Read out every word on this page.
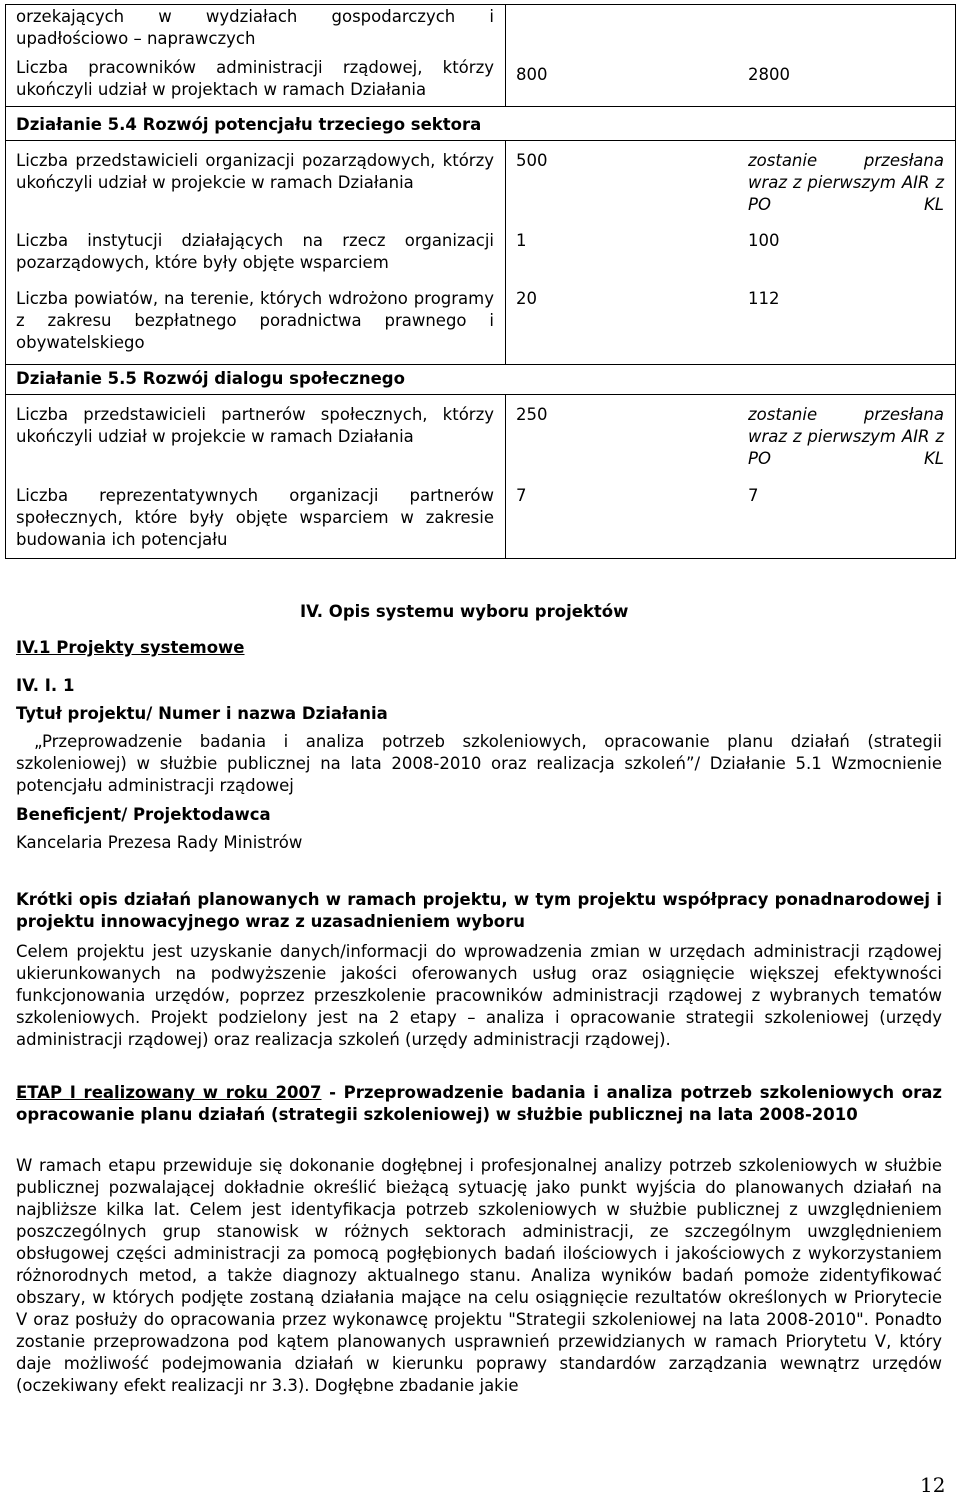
orzekających w wydziałach gospodarczych i upadłościowo – naprawczych
Liczba pracowników administracji rządowej, którzy ukończyli udział w projektach w ramach Działania
800	2800
Działanie 5.4 Rozwój potencjału trzeciego sektora
Liczba przedstawicieli organizacji pozarządowych, którzy ukończyli udział w projekcie w ramach Działania
500	zostanie przesłana wraz z pierwszym AIR z PO KL
Liczba instytucji działających na rzecz organizacji pozarządowych, które były objęte wsparciem
1	100
Liczba powiatów, na terenie, których wdrożono programy z zakresu bezpłatnego poradnictwa prawnego i obywatelskiego
20	112
Działanie 5.5 Rozwój dialogu społecznego
Liczba przedstawicieli partnerów społecznych, którzy ukończyli udział w projekcie w ramach Działania
250	zostanie przesłana wraz z pierwszym AIR z PO KL
Liczba reprezentatywnych organizacji partnerów społecznych, które były objęte wsparciem w zakresie budowania ich potencjału
7	7
IV. Opis systemu wyboru projektów
IV.1 Projekty systemowe
IV. I. 1
Tytuł projektu/ Numer i nazwa Działania
„Przeprowadzenie badania i analiza potrzeb szkoleniowych, opracowanie planu działań (strategii szkoleniowej) w służbie publicznej na lata 2008-2010 oraz realizacja szkoleń”/ Działanie 5.1 Wzmocnienie potencjału administracji rządowej
Beneficjent/ Projektodawca
Kancelaria Prezesa Rady Ministrów
Krótki opis działań planowanych w ramach projektu, w tym projektu współpracy ponadnarodowej i projektu innowacyjnego wraz z uzasadnieniem wyboru
Celem projektu jest uzyskanie danych/informacji do wprowadzenia zmian w urzędach administracji rządowej ukierunkowanych na podwyższenie jakości oferowanych usług oraz osiągnięcie większej efektywności funkcjonowania urzędów, poprzez przeszkolenie pracowników administracji rządowej z wybranych tematów szkoleniowych. Projekt podzielony jest na 2 etapy – analiza i opracowanie strategii szkoleniowej (urzędy administracji rządowej) oraz realizacja szkoleń (urzędy administracji rządowej).
ETAP I realizowany w roku 2007 - Przeprowadzenie badania i analiza potrzeb szkoleniowych oraz opracowanie planu działań (strategii szkoleniowej) w służbie publicznej na lata 2008-2010
W ramach etapu przewiduje się dokonanie dogłębnej i profesjonalnej analizy potrzeb szkoleniowych w służbie publicznej pozwalającej dokładnie określić bieżącą sytuację jako punkt wyjścia do planowanych działań na najbliższe kilka lat. Celem jest identyfikacja potrzeb szkoleniowych w służbie publicznej z uwzględnieniem poszczególnych grup stanowisk w różnych sektorach administracji, ze szczególnym uwzględnieniem obsługowej części administracji za pomocą pogłębionych badań ilościowych i jakościowych z wykorzystaniem różnorodnych metod, a także diagnozy aktualnego stanu. Analiza wyników badań pomoże zidentyfikować obszary, w których podjęte zostaną działania mające na celu osiągnięcie rezultatów określonych w Priorytecie V oraz posłuży do opracowania przez wykonawcę projektu "Strategii szkoleniowej na lata 2008-2010". Ponadto zostanie przeprowadzona pod kątem planowanych usprawnień przewidzianych w ramach Priorytetu V, który daje możliwość podejmowania działań w kierunku poprawy standardów zarządzania wewnątrz urzędów (oczekiwany efekt realizacji nr 3.3). Dogłębne zbadanie jakie
12
